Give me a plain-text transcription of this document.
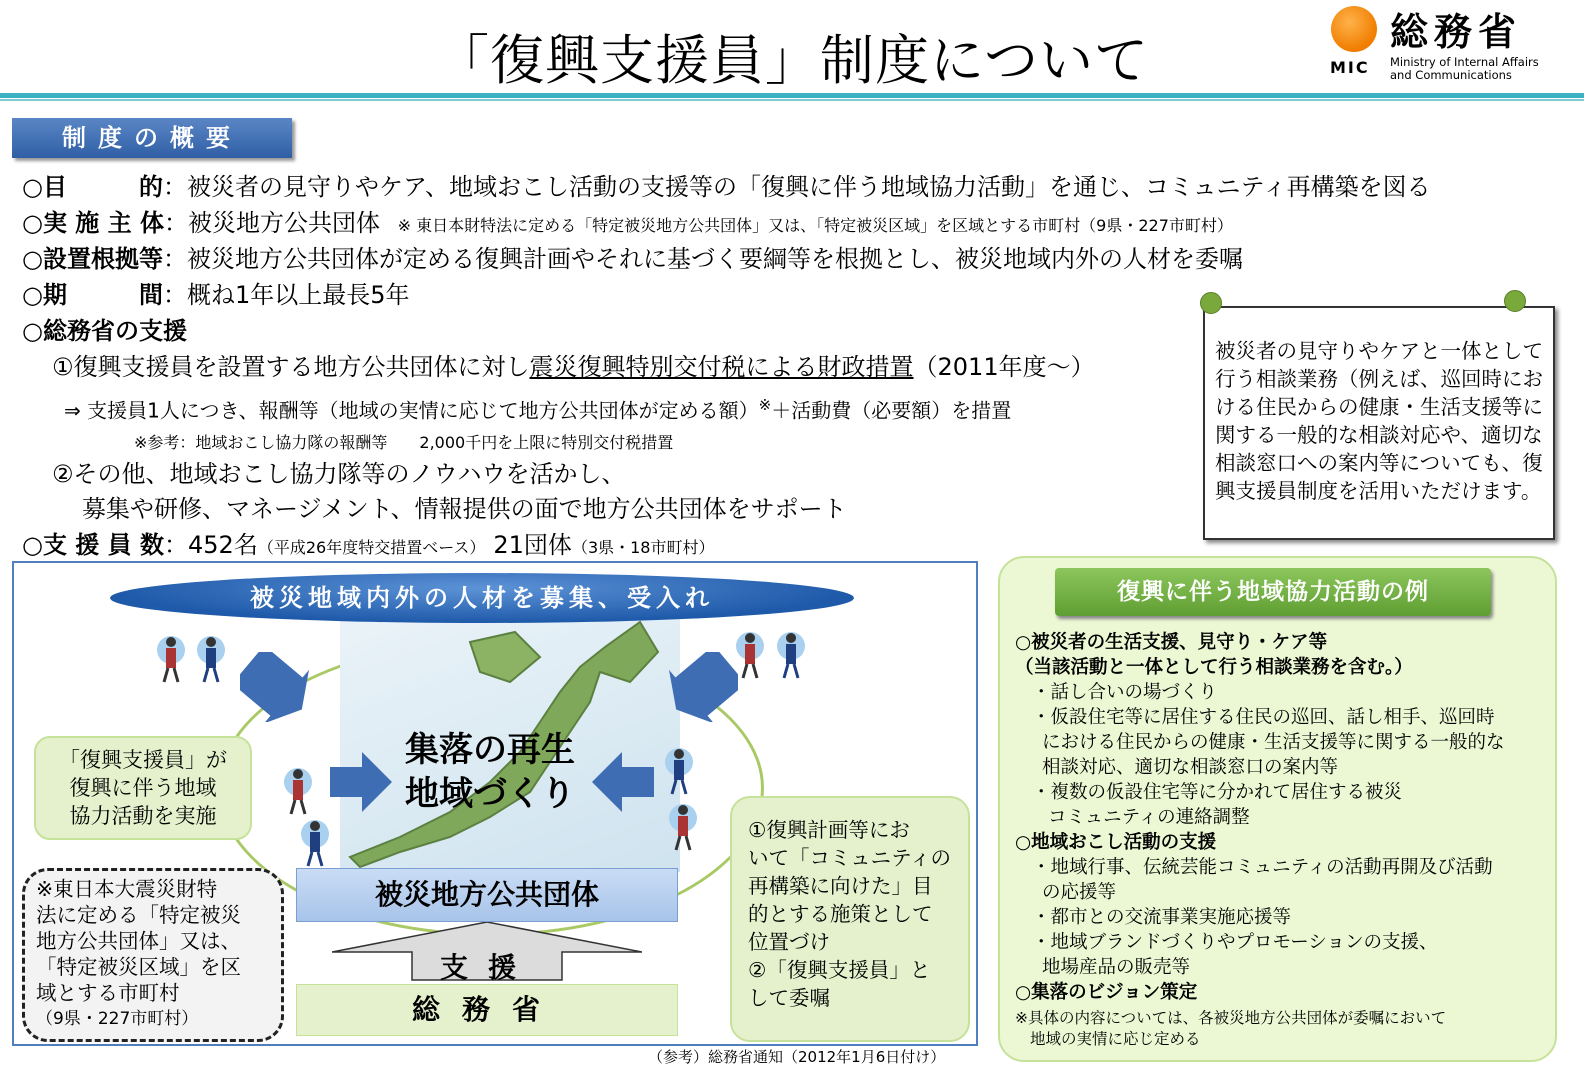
「復興支援員」制度について	MIC
総務省
Ministry of Internal Affairs
and Communications
制度の概要
○目　　　的：被災者の見守りやケア、地域おこし活動の支援等の「復興に伴う地域協力活動」を通じ、コミュニティ再構築を図る
○実 施 主 体：被災地方公共団体 ※ 東日本財特法に定める「特定被災地方公共団体」又は、「特定被災区域」を区域とする市町村（9県・227市町村）
○設置根拠等：被災地方公共団体が定める復興計画やそれに基づく要綱等を根拠とし、被災地域内外の人材を委嘱
○期　　　間：概ね1年以上最長5年
○総務省の支援
①復興支援員を設置する地方公共団体に対し震災復興特別交付税による財政措置（2011年度～）
⇒ 支援員1人につき、報酬等（地域の実情に応じて地方公共団体が定める額）※＋活動費（必要額）を措置
※参考：地域おこし協力隊の報酬等　　2,000千円を上限に特別交付税措置
②その他、地域おこし協力隊等のノウハウを活かし、
募集や研修、マネージメント、情報提供の面で地方公共団体をサポート
○支 援 員 数：452名（平成26年度特交措置ベース） 21団体（3県・18市町村）
被災者の見守りやケアと一体として行う相談業務（例えば、巡回時における住民からの健康・生活支援等に関する一般的な相談対応や、適切な相談窓口への案内等についても、復興支援員制度を活用いただけます。
復興に伴う地域協力活動の例
○被災者の生活支援、見守り・ケア等
（当該活動と一体として行う相談業務を含む。）
・話し合いの場づくり
・仮設住宅等に居住する住民の巡回、話し相手、巡回時
における住民からの健康・生活支援等に関する一般的な
相談対応、適切な相談窓口の案内等
・複数の仮設住宅等に分かれて居住する被災
コミュニティの連絡調整
○地域おこし活動の支援
・地域行事、伝統芸能コミュニティの活動再開及び活動
の応援等
・都市との交流事業実施応援等
・地域ブランドづくりやプロモーションの支援、
地場産品の販売等
○集落のビジョン策定
※具体の内容については、各被災地方公共団体が委嘱において
地域の実情に応じ定める
被災地域内外の人材を募集、受入れ
集落の再生
地域づくり
被災地方公共団体
支援
総務省
「復興支援員」が
復興に伴う地域
協力活動を実施
※東日本大震災財特
法に定める「特定被災
地方公共団体」又は、
「特定被災区域」を区
域とする市町村
（9県・227市町村）
①復興計画等にお
いて「コミュニティの
再構築に向けた」目
的とする施策として
位置づけ
②「復興支援員」と
して委嘱
（参考）総務省通知（2012年1月6日付け）
